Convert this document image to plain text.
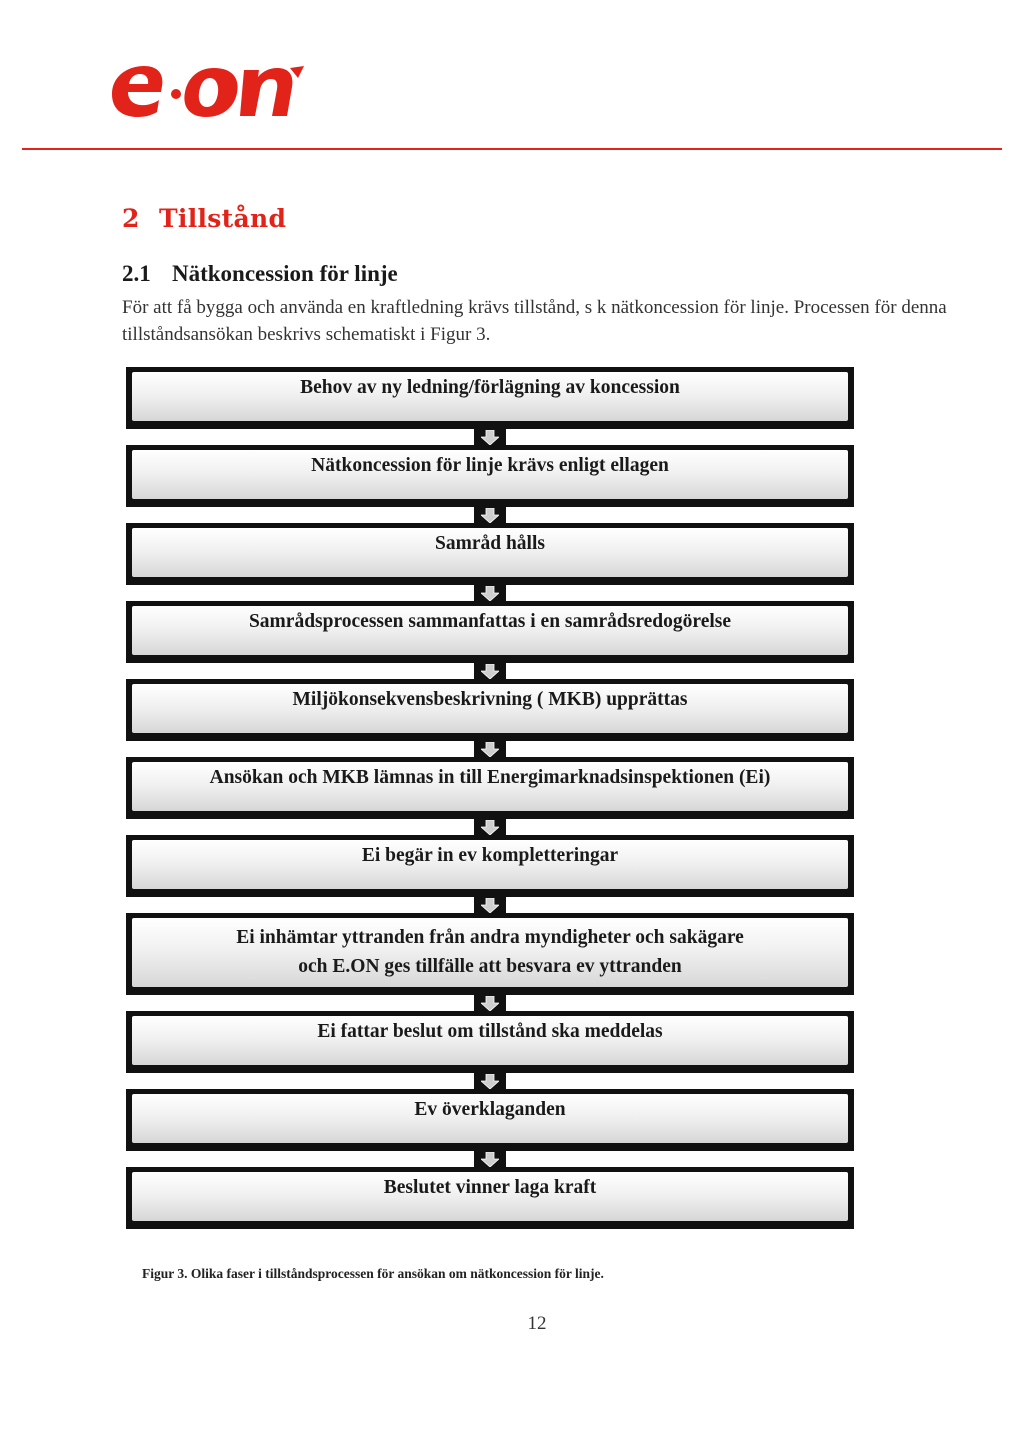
2 Tillstånd
2.1 Nätkoncession för linje

För att få bygga och använda en kraftledning krävs tillstånd, s k nätkoncession för linje. Processen för denna tillståndsansökan beskrivs schematiskt i Figur 3.

Behov av ny ledning/förlägning av koncession
Nätkoncession för linje krävs enligt ellagen
Samråd hålls
Samrådsprocessen sammanfattas i en samrådsredogörelse
Miljökonsekvensbeskrivning ( MKB) upprättas
Ansökan och MKB lämnas in till Energimarknadsinspektionen (Ei)
Ei begär in ev kompletteringar
Ei inhämtar yttranden från andra myndigheter och sakägare
och E.ON ges tillfälle att besvara ev yttranden
Ei fattar beslut om tillstånd ska meddelas
Ev överklaganden
Beslutet vinner laga kraft

Figur 3. Olika faser i tillståndsprocessen för ansökan om nätkoncession för linje.

12
